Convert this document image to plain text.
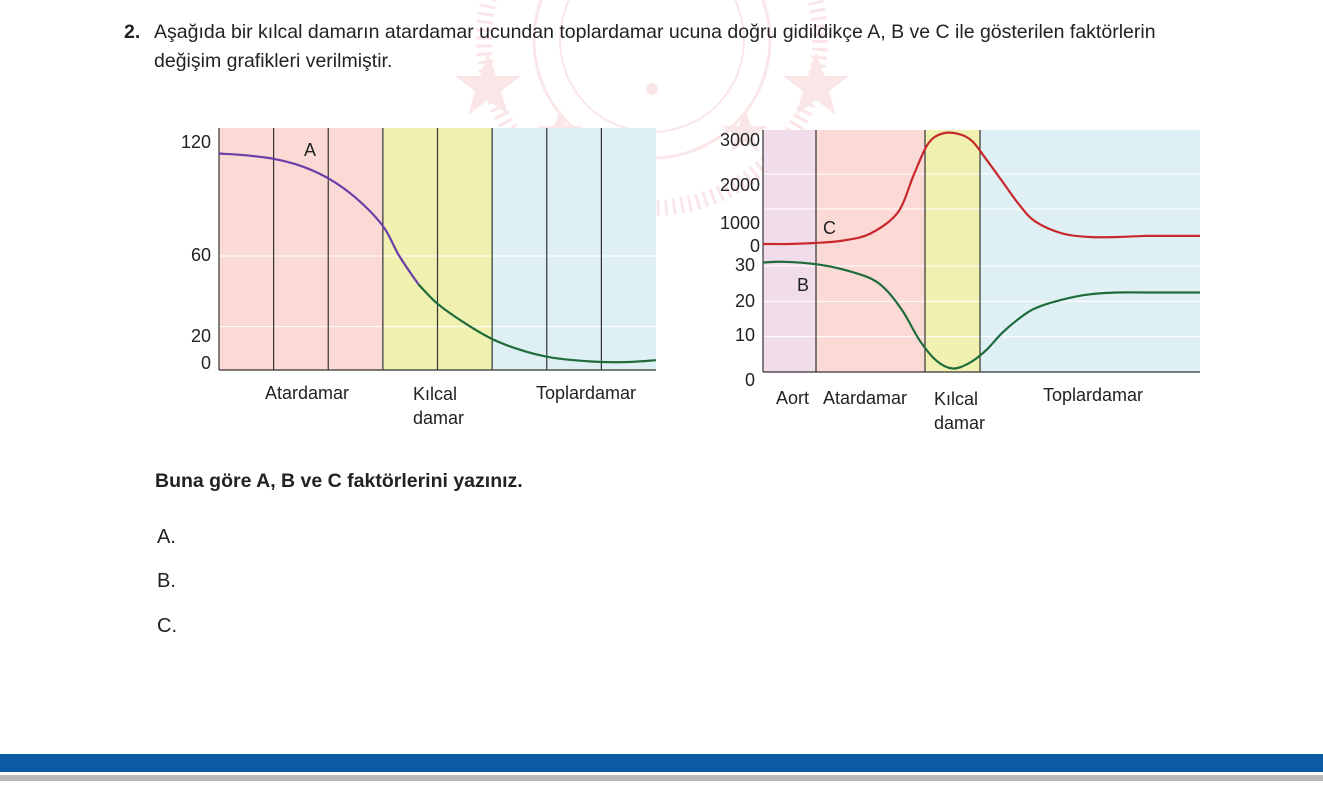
2. Aşağıda bir kılcal damarın atardamar ucundan toplardamar ucuna doğru gidildikçe A, B ve C ile gösterilen faktörlerin değişim grafikleri verilmiştir.
120
60
20
0
A
Atardamar	Kılcal
damar
Toplardamar
3000
2000
1000
0
30
20
10
0
C
B
Aort Atardamar Kılcal
damar
Toplardamar
Buna göre A, B ve C faktörlerini yazınız.
A.
B.
C.
